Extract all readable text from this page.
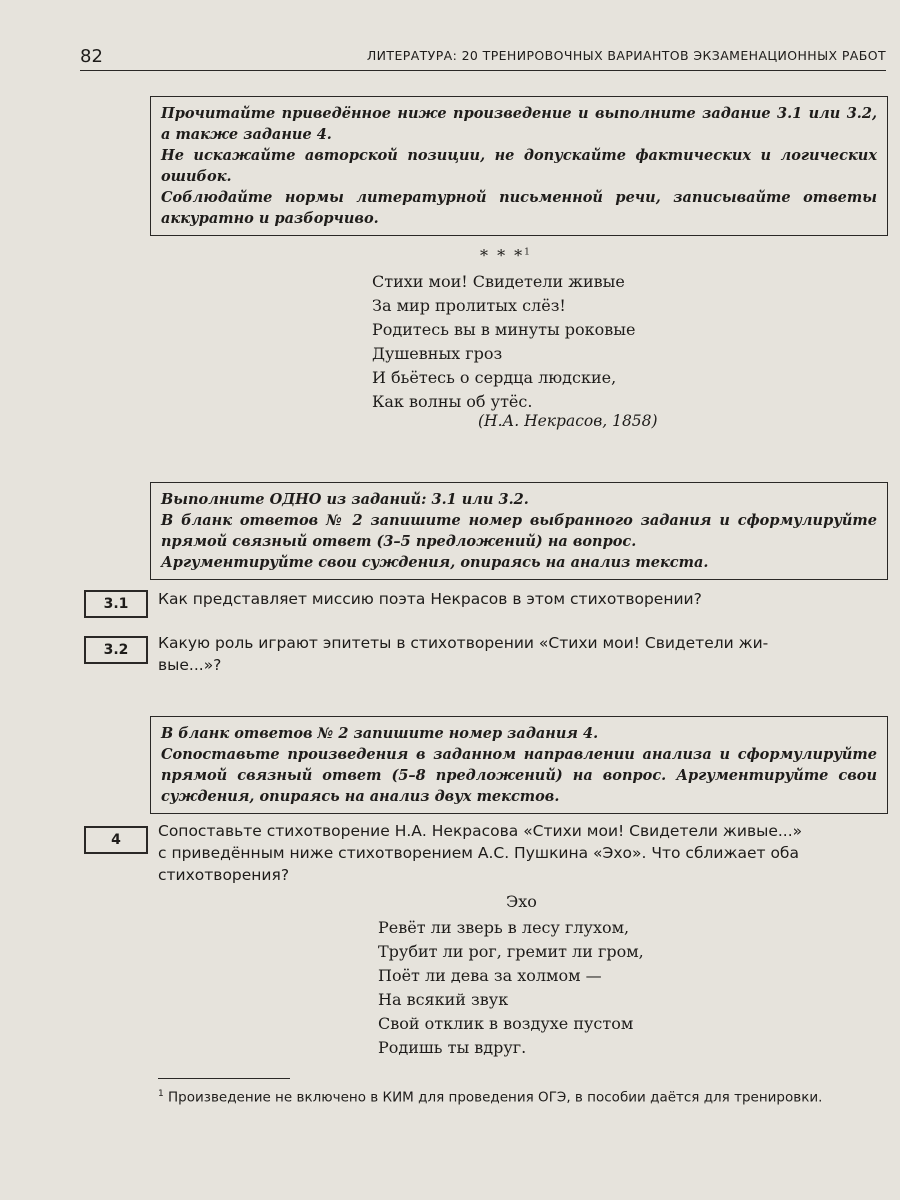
82	ЛИТЕРАТУРА: 20 ТРЕНИРОВОЧНЫХ ВАРИАНТОВ ЭКЗАМЕНАЦИОННЫХ РАБОТ

Прочитайте приведённое ниже произведение и выполните задание 3.1 или 3.2, а также задание 4.

Не искажайте авторской позиции, не допускайте фактических и логических ошибок.

Соблюдайте нормы литературной письменной речи, записывайте ответы аккуратно и разборчиво.

* * *$^1$
Стихи мои! Свидетели живые
За мир пролитых слёз!
Родитесь вы в минуты роковые
Душевных гроз
И бьётесь о сердца людские,
Как волны об утёс.
(Н.А. Некрасов, 1858)

Выполните ОДНО из заданий: 3.1 или 3.2.

В бланк ответов № 2 запишите номер выбранного задания и сформулируйте прямой связный ответ (3–5 предложений) на вопрос.

Аргументируйте свои суждения, опираясь на анализ текста.

3.1	Как представляет миссию поэта Некрасов в этом стихотворении?
3.2	Какую роль играют эпитеты в стихотворении «Стихи мои! Свидетели жи-
вые...»?

В бланк ответов № 2 запишите номер задания 4.

Сопоставьте произведения в заданном направлении анализа и сформулируйте прямой связный ответ (5–8 предложений) на вопрос. Аргументируйте свои суждения, опираясь на анализ двух текстов.

4	Сопоставьте стихотворение Н.А. Некрасова «Стихи мои! Свидетели живые...»
с приведённым ниже стихотворением А.С. Пушкина «Эхо». Что сближает оба
стихотворения?
Эхо
Ревёт ли зверь в лесу глухом,
Трубит ли рог, гремит ли гром,
Поёт ли дева за холмом —
На всякий звук
Свой отклик в воздухе пустом
Родишь ты вдруг.
$^1$ Произведение не включено в КИМ для проведения ОГЭ, в пособии даётся для тренировки.
